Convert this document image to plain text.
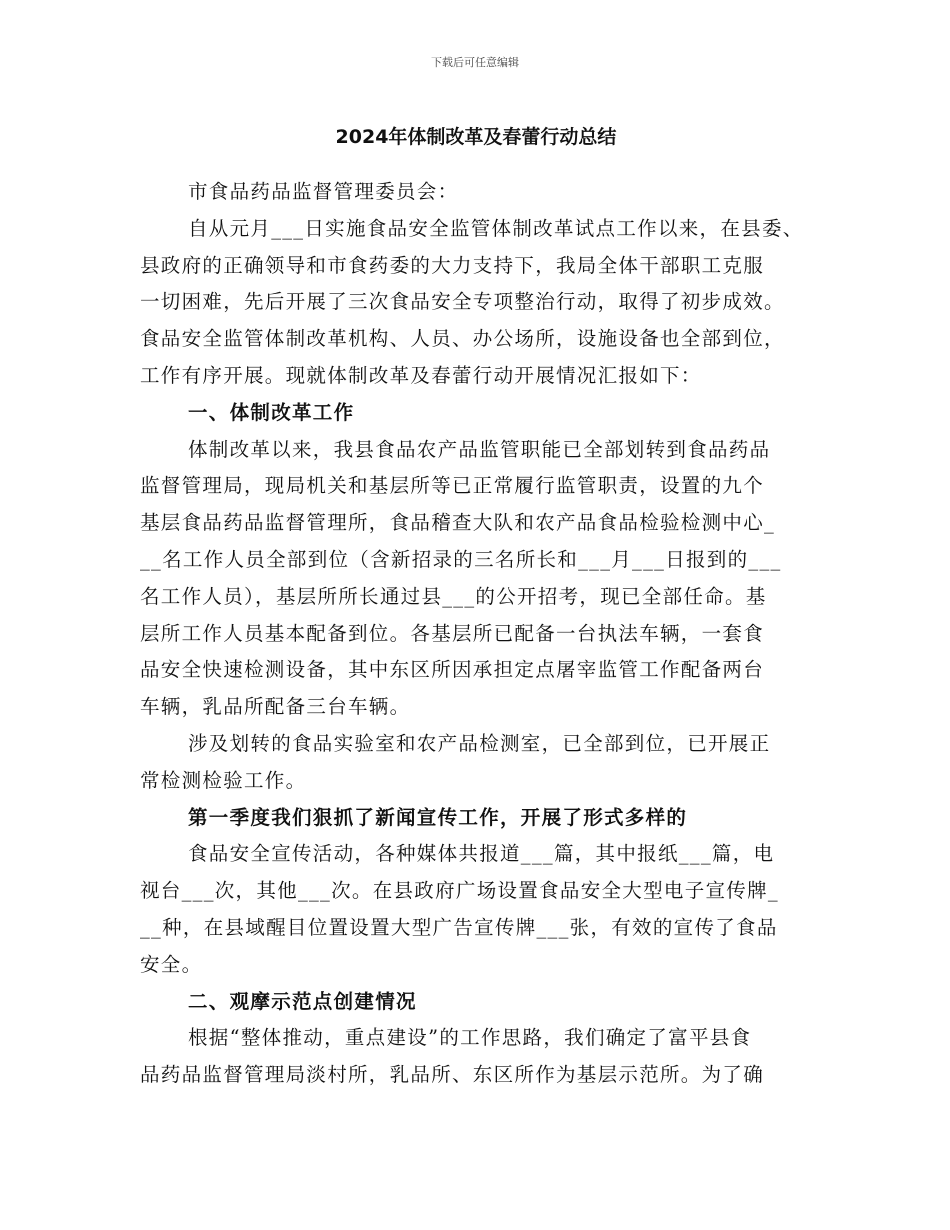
下载后可任意编辑
2024年体制改革及春蕾行动总结
市食品药品监督管理委员会：
自从元月___日实施食品安全监管体制改革试点工作以来，在县委、
县政府的正确领导和市食药委的大力支持下，我局全体干部职工克服
一切困难，先后开展了三次食品安全专项整治行动，取得了初步成效。
食品安全监管体制改革机构、人员、办公场所，设施设备也全部到位，
工作有序开展。现就体制改革及春蕾行动开展情况汇报如下：
一、体制改革工作
体制改革以来，我县食品农产品监管职能已全部划转到食品药品
监督管理局，现局机关和基层所等已正常履行监管职责，设置的九个
基层食品药品监督管理所，食品稽查大队和农产品食品检验检测中心_
__名工作人员全部到位（含新招录的三名所长和___月___日报到的___
名工作人员），基层所所长通过县___的公开招考，现已全部任命。基
层所工作人员基本配备到位。各基层所已配备一台执法车辆，一套食
品安全快速检测设备，其中东区所因承担定点屠宰监管工作配备两台
车辆，乳品所配备三台车辆。
涉及划转的食品实验室和农产品检测室，已全部到位，已开展正
常检测检验工作。
第一季度我们狠抓了新闻宣传工作，开展了形式多样的
食品安全宣传活动，各种媒体共报道___篇，其中报纸___篇，电
视台___次，其他___次。在县政府广场设置食品安全大型电子宣传牌_
__种，在县域醒目位置设置大型广告宣传牌___张，有效的宣传了食品
安全。
二、观摩示范点创建情况
根据“整体推动，重点建设”的工作思路，我们确定了富平县食
品药品监督管理局淡村所，乳品所、东区所作为基层示范所。为了确
